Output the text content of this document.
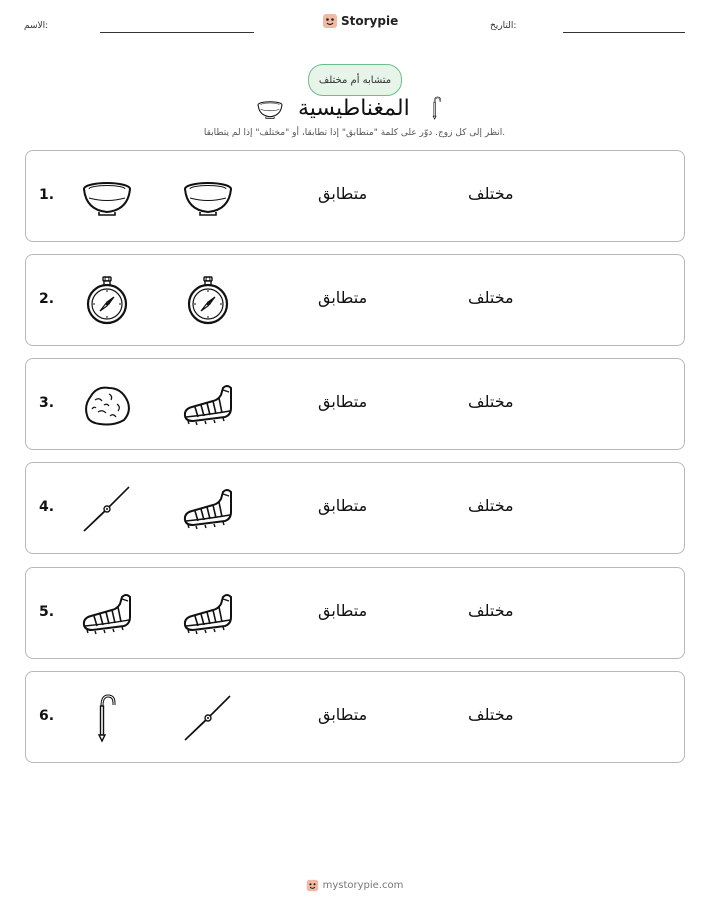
الاسم:	Storypie	التاريخ:
متشابه أم مختلف
المغناطيسية
انظر إلى كل زوج. دوّر على كلمة "متطابق" إذا تطابقا، أو "مختلف" إذا لم يتطابقا.
1.	متطابق	مختلف
2.	متطابق	مختلف
3.	متطابق	مختلف
4.	متطابق	مختلف
5.	متطابق	مختلف
6.	متطابق	مختلف
mystorypie.com
